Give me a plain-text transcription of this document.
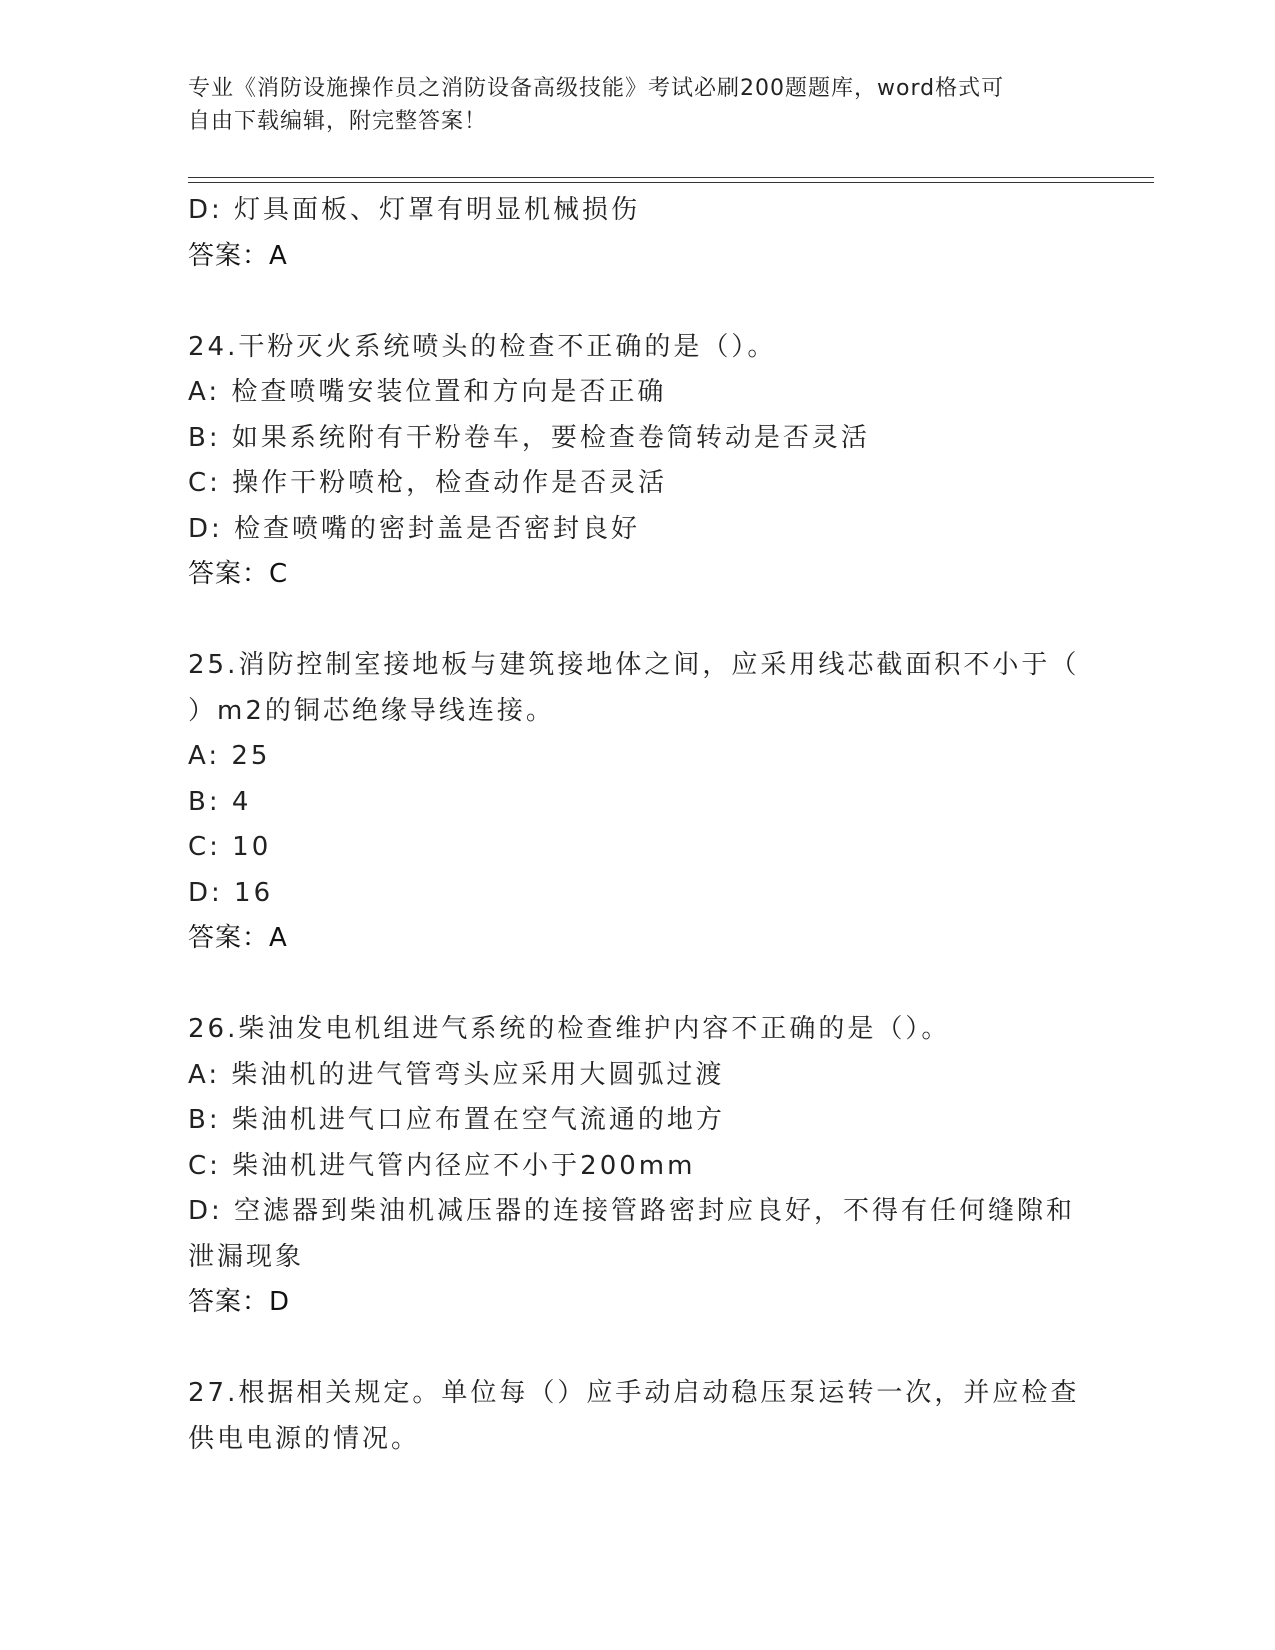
专业《消防设施操作员之消防设备高级技能》考试必刷200题题库，word格式可
自由下载编辑，附完整答案！
D: 灯具面板、灯罩有明显机械损伤
答案：A
24.干粉灭火系统喷头的检查不正确的是（）。
A: 检查喷嘴安装位置和方向是否正确
B: 如果系统附有干粉卷车，要检查卷筒转动是否灵活
C: 操作干粉喷枪，检查动作是否灵活
D: 检查喷嘴的密封盖是否密封良好
答案：C
25.消防控制室接地板与建筑接地体之间，应采用线芯截面积不小于（
）m2的铜芯绝缘导线连接。
A: 25
B: 4
C: 10
D: 16
答案：A
26.柴油发电机组进气系统的检查维护内容不正确的是（）。
A: 柴油机的进气管弯头应采用大圆弧过渡
B: 柴油机进气口应布置在空气流通的地方
C: 柴油机进气管内径应不小于200mm
D: 空滤器到柴油机减压器的连接管路密封应良好，不得有任何缝隙和
泄漏现象
答案：D
27.根据相关规定。单位每（）应手动启动稳压泵运转一次，并应检查
供电电源的情况。
